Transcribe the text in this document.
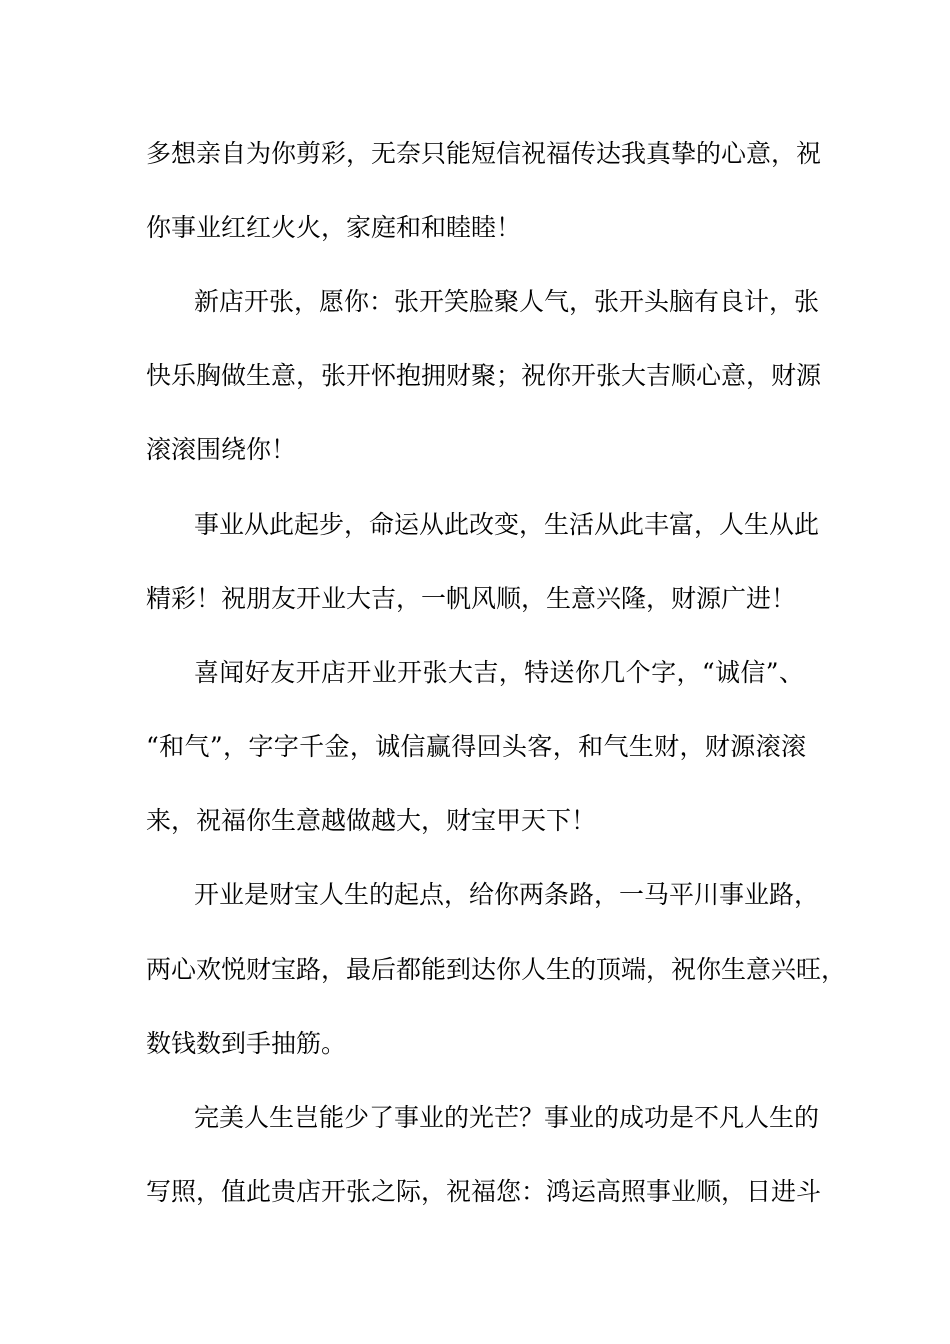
多想亲自为你剪彩，无奈只能短信祝福传达我真挚的心意，祝
你事业红红火火，家庭和和睦睦！
新店开张，愿你：张开笑脸聚人气，张开头脑有良计，张
快乐胸做生意，张开怀抱拥财聚；祝你开张大吉顺心意，财源
滚滚围绕你！
事业从此起步，命运从此改变，生活从此丰富，人生从此
精彩！祝朋友开业大吉，一帆风顺，生意兴隆，财源广进！
喜闻好友开店开业开张大吉，特送你几个字，“诚信”、
“和气”，字字千金，诚信赢得回头客，和气生财，财源滚滚
来，祝福你生意越做越大，财宝甲天下！
开业是财宝人生的起点，给你两条路，一马平川事业路，
两心欢悦财宝路，最后都能到达你人生的顶端，祝你生意兴旺，
数钱数到手抽筋。
完美人生岂能少了事业的光芒？事业的成功是不凡人生的
写照，值此贵店开张之际，祝福您：鸿运高照事业顺，日进斗
